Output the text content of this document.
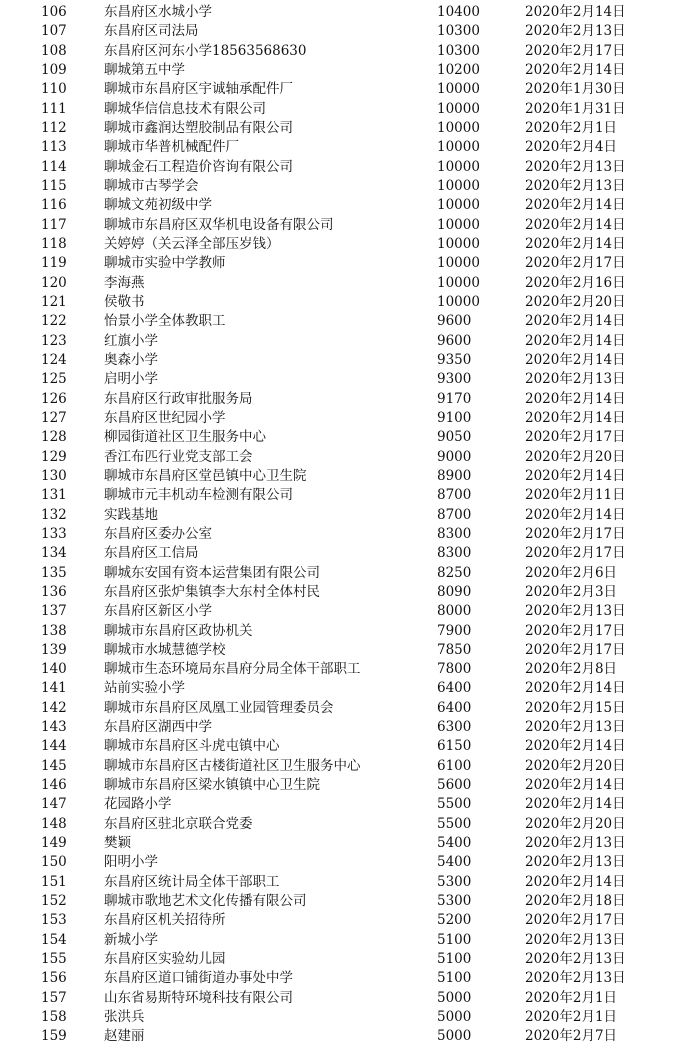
106	东昌府区水城小学	10400	2020年2月14日
107	东昌府区司法局	10300	2020年2月13日
108	东昌府区河东小学18563568630	10300	2020年2月17日
109	聊城第五中学	10200	2020年2月14日
110	聊城市东昌府区宇诚轴承配件厂	10000	2020年1月30日
111	聊城华信信息技术有限公司	10000	2020年1月31日
112	聊城市鑫润达塑胶制品有限公司	10000	2020年2月1日
113	聊城市华普机械配件厂	10000	2020年2月4日
114	聊城金石工程造价咨询有限公司	10000	2020年2月13日
115	聊城市古琴学会	10000	2020年2月13日
116	聊城文苑初级中学	10000	2020年2月14日
117	聊城市东昌府区双华机电设备有限公司	10000	2020年2月14日
118	关婷婷（关云泽全部压岁钱）	10000	2020年2月14日
119	聊城市实验中学教师	10000	2020年2月17日
120	李海燕	10000	2020年2月16日
121	侯敬书	10000	2020年2月20日
122	怡景小学全体教职工	9600	2020年2月14日
123	红旗小学	9600	2020年2月14日
124	奥森小学	9350	2020年2月14日
125	启明小学	9300	2020年2月13日
126	东昌府区行政审批服务局	9170	2020年2月14日
127	东昌府区世纪园小学	9100	2020年2月14日
128	柳园街道社区卫生服务中心	9050	2020年2月17日
129	香江布匹行业党支部工会	9000	2020年2月20日
130	聊城市东昌府区堂邑镇中心卫生院	8900	2020年2月14日
131	聊城市元丰机动车检测有限公司	8700	2020年2月11日
132	实践基地	8700	2020年2月14日
133	东昌府区委办公室	8300	2020年2月17日
134	东昌府区工信局	8300	2020年2月17日
135	聊城东安国有资本运营集团有限公司	8250	2020年2月6日
136	东昌府区张炉集镇李大东村全体村民	8090	2020年2月3日
137	东昌府区新区小学	8000	2020年2月13日
138	聊城市东昌府区政协机关	7900	2020年2月17日
139	聊城市水城慧德学校	7850	2020年2月17日
140	聊城市生态环境局东昌府分局全体干部职工	7800	2020年2月8日
141	站前实验小学	6400	2020年2月14日
142	聊城市东昌府区凤凰工业园管理委员会	6400	2020年2月15日
143	东昌府区湖西中学	6300	2020年2月13日
144	聊城市东昌府区斗虎屯镇中心	6150	2020年2月14日
145	聊城市东昌府区古楼街道社区卫生服务中心	6100	2020年2月20日
146	聊城市东昌府区梁水镇镇中心卫生院	5600	2020年2月14日
147	花园路小学	5500	2020年2月14日
148	东昌府区驻北京联合党委	5500	2020年2月20日
149	樊颖	5400	2020年2月13日
150	阳明小学	5400	2020年2月13日
151	东昌府区统计局全体干部职工	5300	2020年2月14日
152	聊城市歌地艺术文化传播有限公司	5300	2020年2月18日
153	东昌府区机关招待所	5200	2020年2月17日
154	新城小学	5100	2020年2月13日
155	东昌府区实验幼儿园	5100	2020年2月13日
156	东昌府区道口铺街道办事处中学	5100	2020年2月13日
157	山东省易斯特环境科技有限公司	5000	2020年2月1日
158	张洪兵	5000	2020年2月1日
159	赵建丽	5000	2020年2月7日
